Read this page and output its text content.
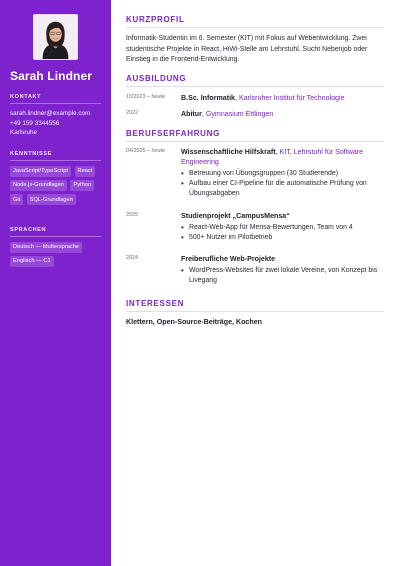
Sarah Lindner
KONTAKT
sarah.lindner@example.com
+49 159 3344556
Karlsruhe
KENNTNISSE
JavaScript/TypeScript	React
Node.js-Grundlagen	Python
Git	SQL-Grundlagen
SPRACHEN
Deutsch — Muttersprache
Englisch — C1
KURZPROFIL

Informatik-Studentin im 6. Semester (KIT) mit Fokus auf Webentwicklung. Zwei studentische Projekte in React, HiWi-Stelle am Lehrstuhl. Sucht Nebenjob oder Einstieg in die Frontend-Entwicklung.

AUSBILDUNG
10/2023 – heute	B.Sc. Informatik, Karlsruher Institut für Technologie
2022	Abitur, Gymnasium Ettlingen
BERUFSERFAHRUNG
04/2025 – heute	Wissenschaftliche Hilfskraft, KIT, Lehrstuhl für Software Engineering
• Betreuung von Übungsgruppen (30 Studierende)
• Aufbau einer CI-Pipeline für die automatische Prüfung von Übungsabgaben
2025	Studienprojekt „CampusMensa“
• React-Web-App für Mensa-Bewertungen, Team von 4
• 500+ Nutzer im Pilotbetrieb
2024	Freiberufliche Web-Projekte
• WordPress-Websites für zwei lokale Vereine, von Konzept bis Livegang
INTERESSEN
Klettern, Open-Source-Beiträge, Kochen
